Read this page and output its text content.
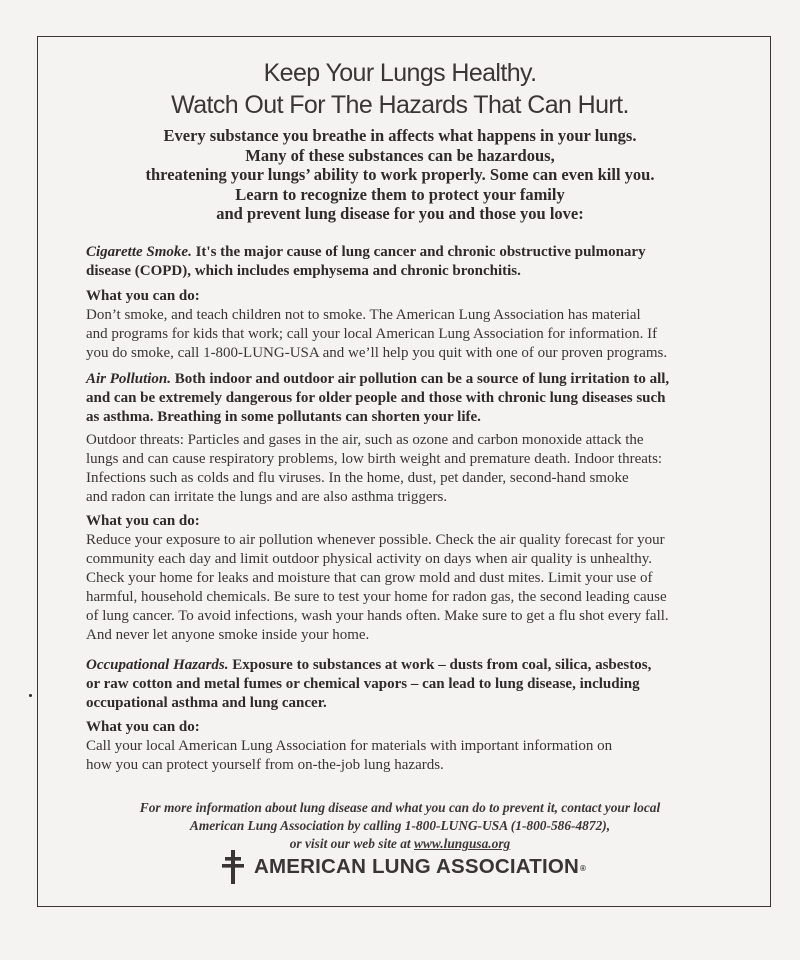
Keep Your Lungs Healthy.
Watch Out For The Hazards That Can Hurt.
Every substance you breathe in affects what happens in your lungs.
Many of these substances can be hazardous,
threatening your lungs’ ability to work properly. Some can even kill you.
Learn to recognize them to protect your family
and prevent lung disease for you and those you love:
Cigarette Smoke. It's the major cause of lung cancer and chronic obstructive pulmonary
disease (COPD), which includes emphysema and chronic bronchitis.
What you can do:
Don’t smoke, and teach children not to smoke. The American Lung Association has material
and programs for kids that work; call your local American Lung Association for information. If
you do smoke, call 1-800-LUNG-USA and we’ll help you quit with one of our proven programs.
Air Pollution. Both indoor and outdoor air pollution can be a source of lung irritation to all,
and can be extremely dangerous for older people and those with chronic lung diseases such
as asthma. Breathing in some pollutants can shorten your life.
Outdoor threats: Particles and gases in the air, such as ozone and carbon monoxide attack the
lungs and can cause respiratory problems, low birth weight and premature death. Indoor threats:
Infections such as colds and flu viruses. In the home, dust, pet dander, second-hand smoke
and radon can irritate the lungs and are also asthma triggers.
What you can do:
Reduce your exposure to air pollution whenever possible. Check the air quality forecast for your
community each day and limit outdoor physical activity on days when air quality is unhealthy.
Check your home for leaks and moisture that can grow mold and dust mites. Limit your use of
harmful, household chemicals. Be sure to test your home for radon gas, the second leading cause
of lung cancer. To avoid infections, wash your hands often. Make sure to get a flu shot every fall.
And never let anyone smoke inside your home.
Occupational Hazards. Exposure to substances at work – dusts from coal, silica, asbestos,
or raw cotton and metal fumes or chemical vapors – can lead to lung disease, including
occupational asthma and lung cancer.
What you can do:
Call your local American Lung Association for materials with important information on
how you can protect yourself from on-the-job lung hazards.
For more information about lung disease and what you can do to prevent it, contact your local
American Lung Association by calling 1-800-LUNG-USA (1-800-586-4872),
or visit our web site at www.lungusa.org
AMERICAN LUNG ASSOCIATION®
